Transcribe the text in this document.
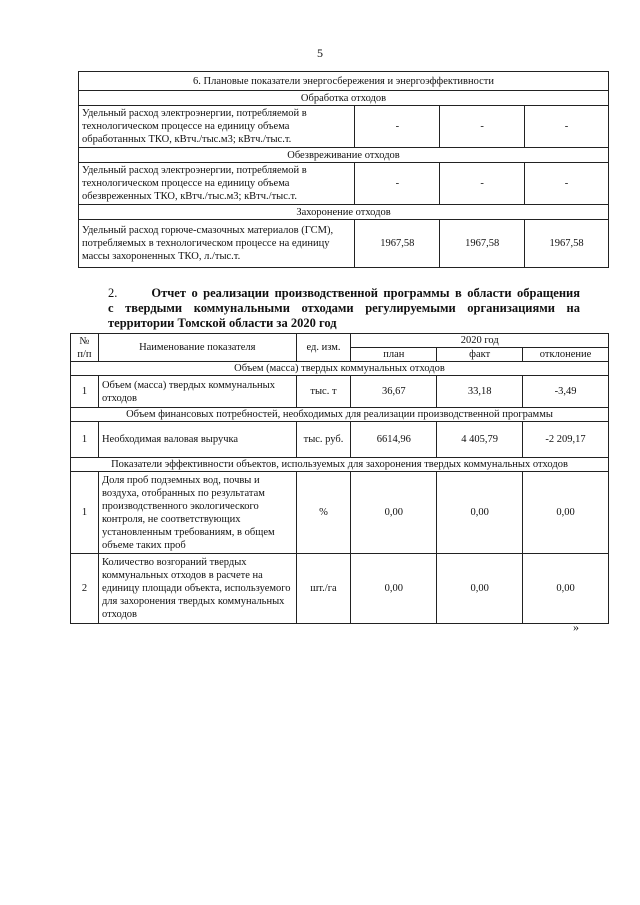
5
6. Плановые показатели энергосбережения и энергоэффективности			
Обработка отходов			
Удельный расход электроэнергии, потребляемой в технологическом процессе на единицу объема обработанных ТКО, кВтч./тыс.м3; кВтч./тыс.т.	-	-	-
Обезвреживание отходов			
Удельный расход электроэнергии, потребляемой в технологическом процессе на единицу объема обезвреженных ТКО, кВтч./тыс.м3; кВтч./тыс.т.	-	-	-
Захоронение отходов			
Удельный расход горюче-смазочных материалов (ГСМ), потребляемых в технологическом процессе на единицу массы захороненных ТКО, л./тыс.т.	1967,58	1967,58	1967,58
2.	Отчет о реализации производственной программы в области обращения
с твердыми коммунальными отходами регулируемыми организациями на
территории Томской области за 2020 год
№ п/п	Наименование показателя	ед. изм.	2020 год		
			план	факт	отклонение
Объем (масса) твердых коммунальных отходов					
1	Объем (масса) твердых коммунальных отходов	тыс. т	36,67	33,18	-3,49
Объем финансовых потребностей, необходимых для реализации производственной программы					
1	Необходимая валовая выручка	тыс. руб.	6614,96	4 405,79	-2 209,17
Показатели эффективности объектов, используемых для захоронения твердых коммунальных отходов					
1	Доля проб подземных вод, почвы и воздуха, отобранных по результатам производственного экологического контроля, не соответствующих установленным требованиям, в общем объеме таких проб	%	0,00	0,00	0,00
2	Количество возгораний твердых коммунальных отходов в расчете на единицу площади объекта, используемого для захоронения твердых коммунальных отходов	шт./га	0,00	0,00	0,00
»
